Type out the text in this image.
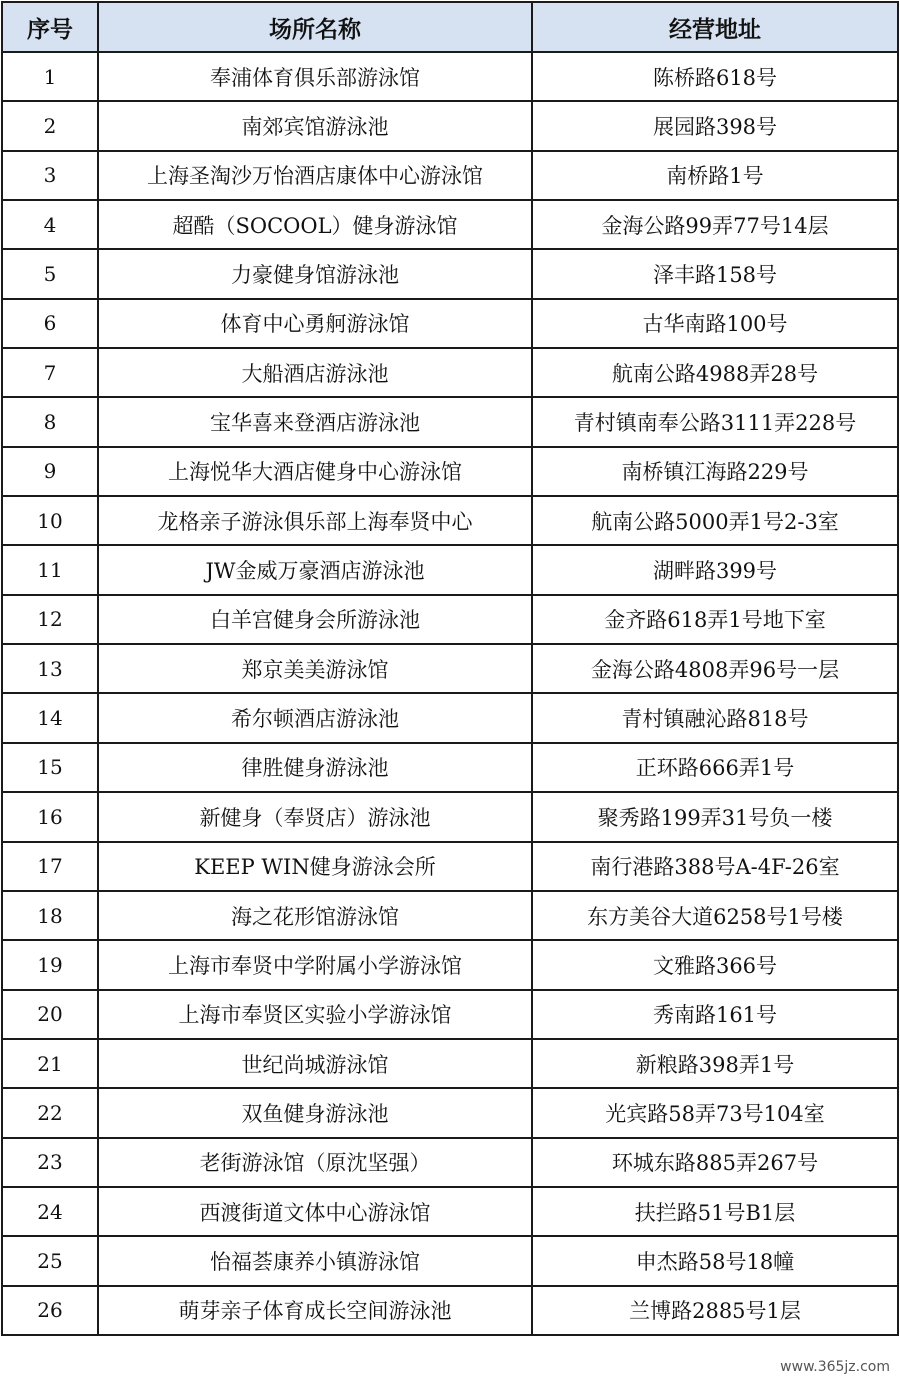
序号	场所名称	经营地址
1	奉浦体育俱乐部游泳馆	陈桥路618号
2	南郊宾馆游泳池	展园路398号
3	上海圣淘沙万怡酒店康体中心游泳馆	南桥路1号
4	超酷（SOCOOL）健身游泳馆	金海公路99弄77号14层
5	力豪健身馆游泳池	泽丰路158号
6	体育中心勇舸游泳馆	古华南路100号
7	大船酒店游泳池	航南公路4988弄28号
8	宝华喜来登酒店游泳池	青村镇南奉公路3111弄228号
9	上海悦华大酒店健身中心游泳馆	南桥镇江海路229号
10	龙格亲子游泳俱乐部上海奉贤中心	航南公路5000弄1号2-3室
11	JW金威万豪酒店游泳池	湖畔路399号
12	白羊宫健身会所游泳池	金齐路618弄1号地下室
13	郑京美美游泳馆	金海公路4808弄96号一层
14	希尔顿酒店游泳池	青村镇融沁路818号
15	律胜健身游泳池	正环路666弄1号
16	新健身（奉贤店）游泳池	聚秀路199弄31号负一楼
17	KEEP WIN健身游泳会所	南行港路388号A-4F-26室
18	海之花形馆游泳馆	东方美谷大道6258号1号楼
19	上海市奉贤中学附属小学游泳馆	文雅路366号
20	上海市奉贤区实验小学游泳馆	秀南路161号
21	世纪尚城游泳馆	新粮路398弄1号
22	双鱼健身游泳池	光宾路58弄73号104室
23	老街游泳馆（原沈坚强）	环城东路885弄267号
24	西渡街道文体中心游泳馆	扶拦路51号B1层
25	怡福荟康养小镇游泳馆	申杰路58号18幢
26	萌芽亲子体育成长空间游泳池	兰博路2885号1层
www.365jz.com
